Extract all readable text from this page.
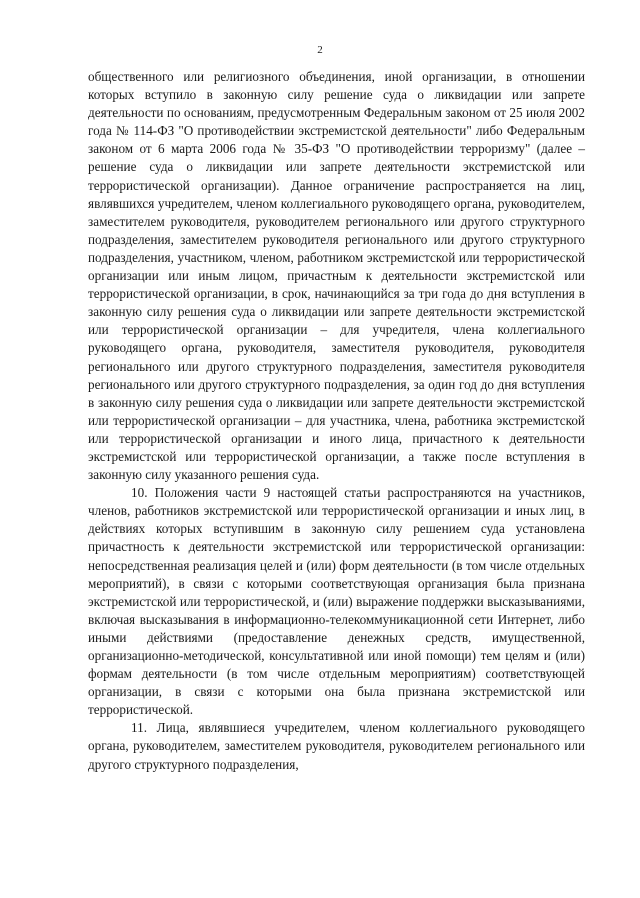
2

общественного или религиозного объединения, иной организации, в отношении которых вступило в законную силу решение суда о ликвидации или запрете деятельности по основаниям, предусмотренным Федеральным законом от 25 июля 2002 года № 114-ФЗ "О противодействии экстремистской деятельности" либо Федеральным законом от 6 марта 2006 года № 35-ФЗ "О противодействии терроризму" (далее – решение суда о ликвидации или запрете деятельности экстремистской или террористической организации). Данное ограничение распространяется на лиц, являвшихся учредителем, членом коллегиального руководящего органа, руководителем, заместителем руководителя, руководителем регионального или другого структурного подразделения, заместителем руководителя регионального или другого структурного подразделения, участником, членом, работником экстремистской или террористической организации или иным лицом, причастным к деятельности экстремистской или террористической организации, в срок, начинающийся за три года до дня вступления в законную силу решения суда о ликвидации или запрете деятельности экстремистской или террористической организации – для учредителя, члена коллегиального руководящего органа, руководителя, заместителя руководителя, руководителя регионального или другого структурного подразделения, заместителя руководителя регионального или другого структурного подразделения, за один год до дня вступления в законную силу решения суда о ликвидации или запрете деятельности экстремистской или террористической организации – для участника, члена, работника экстремистской или террористической организации и иного лица, причастного к деятельности экстремистской или террористической организации, а также после вступления в законную силу указанного решения суда.

10. Положения части 9 настоящей статьи распространяются на участников, членов, работников экстремистской или террористической организации и иных лиц, в действиях которых вступившим в законную силу решением суда установлена причастность к деятельности экстремистской или террористической организации: непосредственная реализация целей и (или) форм деятельности (в том числе отдельных мероприятий), в связи с которыми соответствующая организация была признана экстремистской или террористической, и (или) выражение поддержки высказываниями, включая высказывания в информационно-телекоммуникационной сети Интернет, либо иными действиями (предоставление денежных средств, имущественной, организационно-методической, консультативной или иной помощи) тем целям и (или) формам деятельности (в том числе отдельным мероприятиям) соответствующей организации, в связи с которыми она была признана экстремистской или террористической.

11. Лица, являвшиеся учредителем, членом коллегиального руководящего органа, руководителем, заместителем руководителя, руководителем регионального или другого структурного подразделения,
